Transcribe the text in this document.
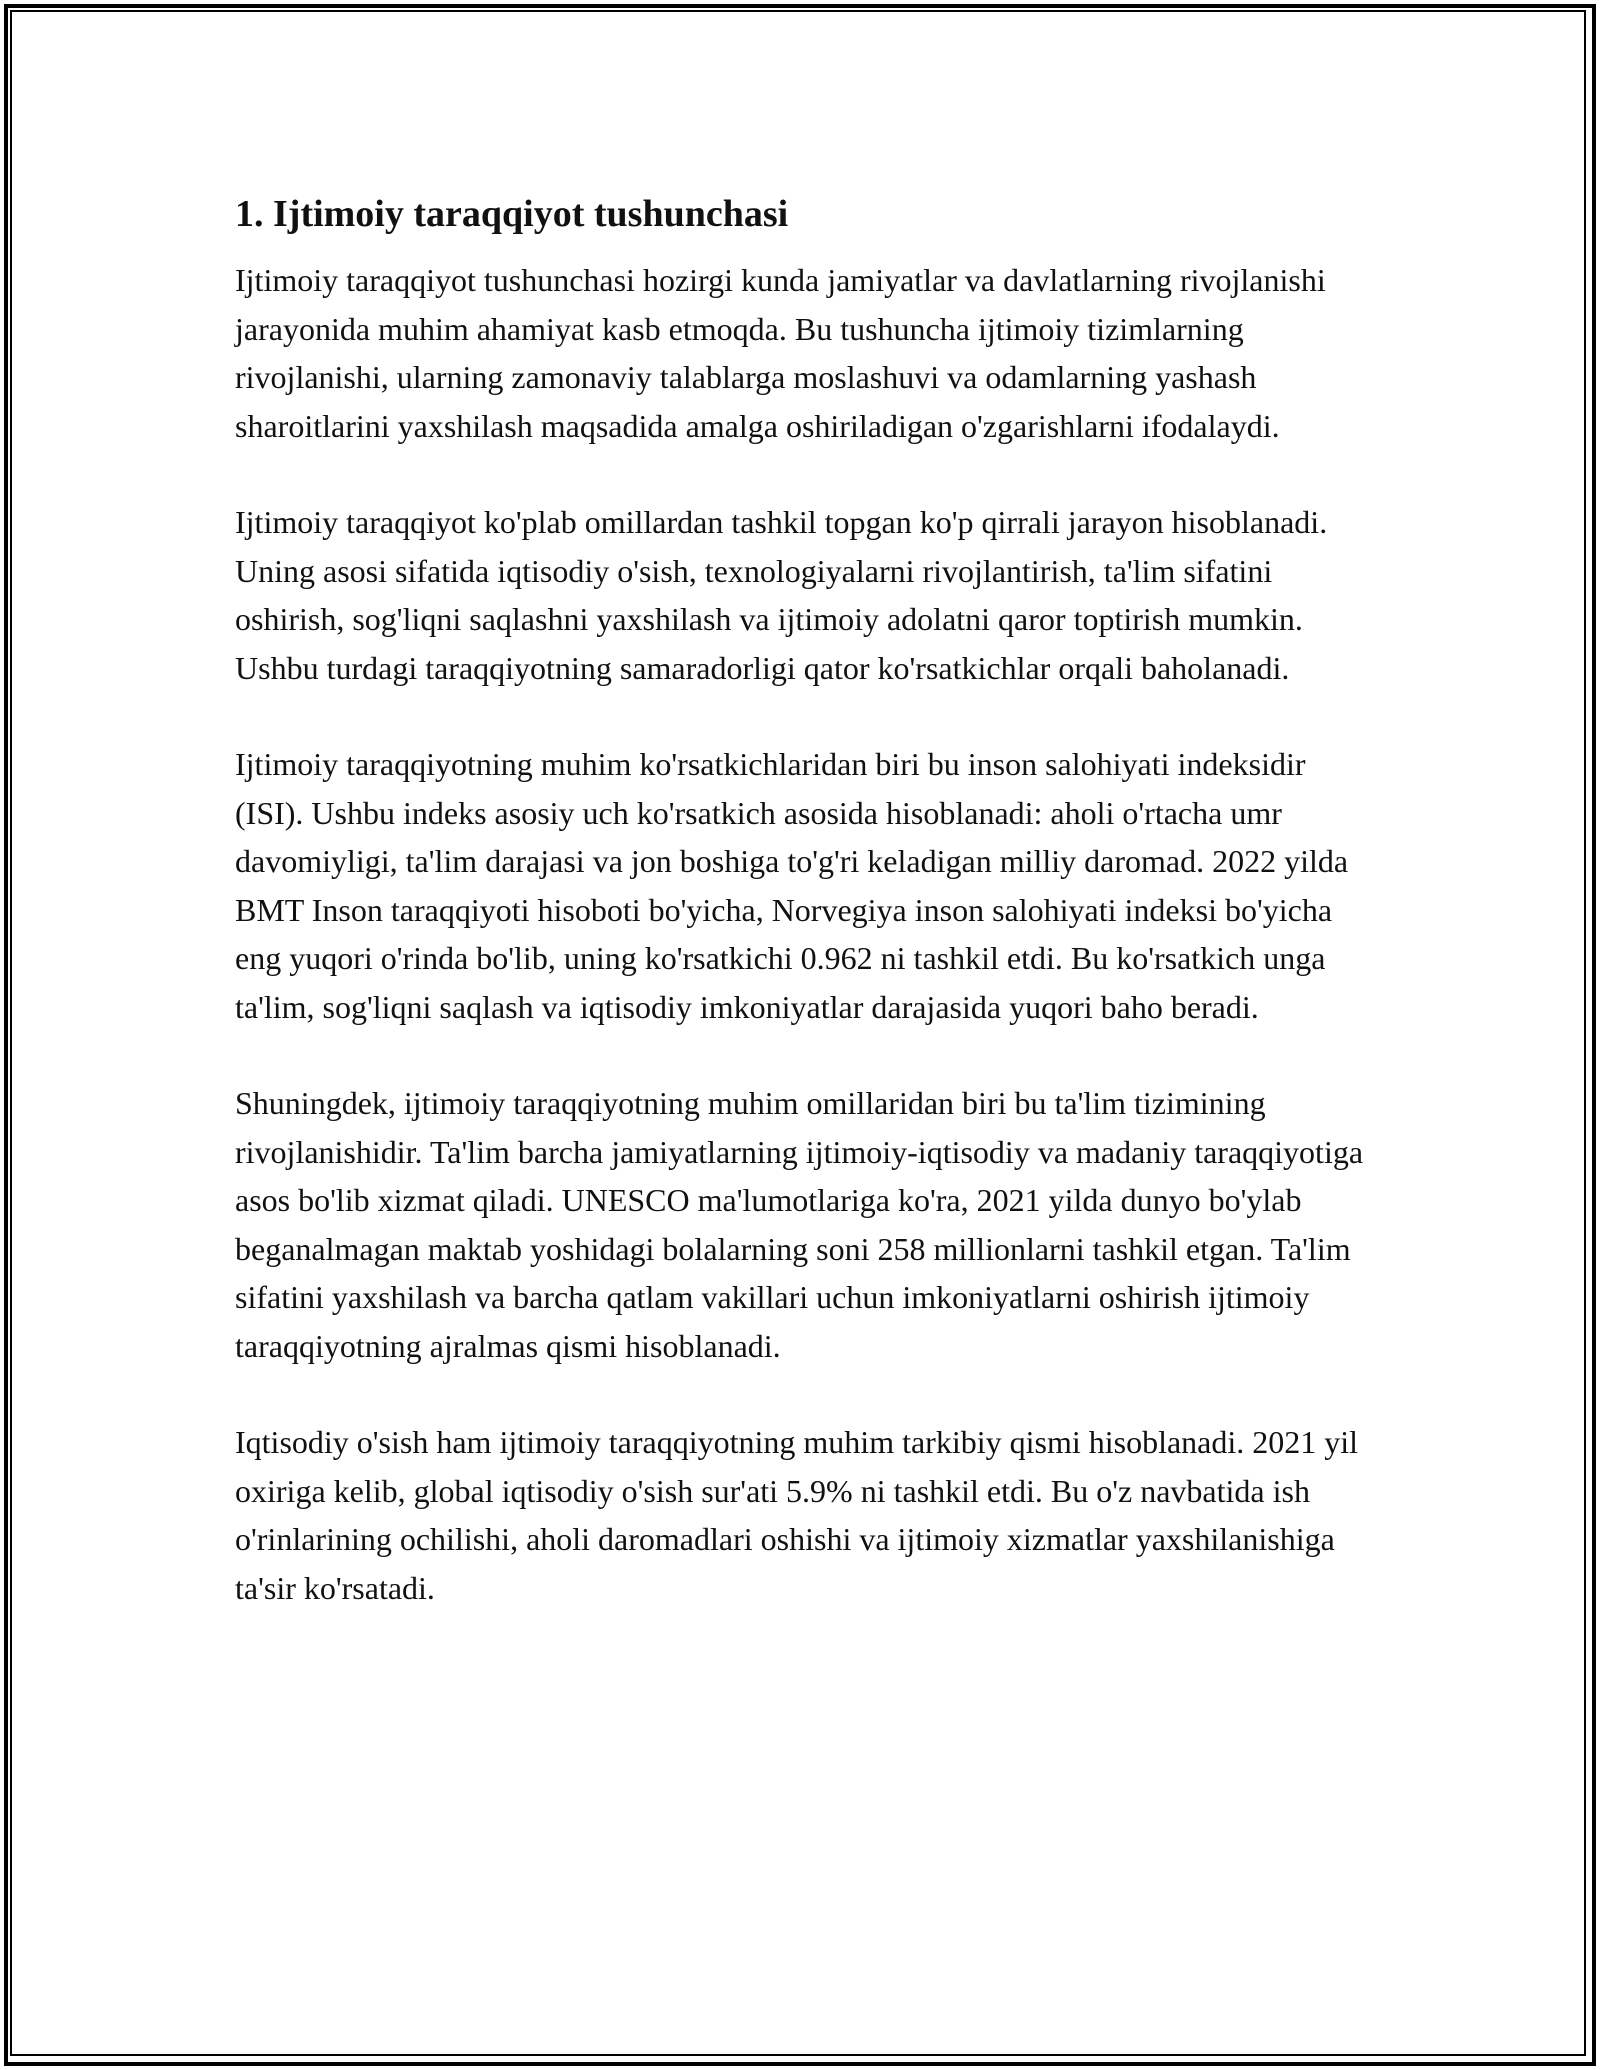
1. Ijtimoiy taraqqiyot tushunchasi

Ijtimoiy taraqqiyot tushunchasi hozirgi kunda jamiyatlar va davlatlarning rivojlanishi jarayonida muhim ahamiyat kasb etmoqda. Bu tushuncha ijtimoiy tizimlarning rivojlanishi, ularning zamonaviy talablarga moslashuvi va odamlarning yashash sharoitlarini yaxshilash maqsadida amalga oshiriladigan o'zgarishlarni ifodalaydi.

Ijtimoiy taraqqiyot ko'plab omillardan tashkil topgan ko'p qirrali jarayon hisoblanadi. Uning asosi sifatida iqtisodiy o'sish, texnologiyalarni rivojlantirish, ta'lim sifatini oshirish, sog'liqni saqlashni yaxshilash va ijtimoiy adolatni qaror toptirish mumkin. Ushbu turdagi taraqqiyotning samaradorligi qator ko'rsatkichlar orqali baholanadi.

Ijtimoiy taraqqiyotning muhim ko'rsatkichlaridan biri bu inson salohiyati indeksidir (ISI). Ushbu indeks asosiy uch ko'rsatkich asosida hisoblanadi: aholi o'rtacha umr davomiyligi, ta'lim darajasi va jon boshiga to'g'ri keladigan milliy daromad. 2022 yilda BMT Inson taraqqiyoti hisoboti bo'yicha, Norvegiya inson salohiyati indeksi bo'yicha eng yuqori o'rinda bo'lib, uning ko'rsatkichi 0.962 ni tashkil etdi. Bu ko'rsatkich unga ta'lim, sog'liqni saqlash va iqtisodiy imkoniyatlar darajasida yuqori baho beradi.

Shuningdek, ijtimoiy taraqqiyotning muhim omillaridan biri bu ta'lim tizimining rivojlanishidir. Ta'lim barcha jamiyatlarning ijtimoiy-iqtisodiy va madaniy taraqqiyotiga asos bo'lib xizmat qiladi. UNESCO ma'lumotlariga ko'ra, 2021 yilda dunyo bo'ylab beganalmagan maktab yoshidagi bolalarning soni 258 millionlarni tashkil etgan. Ta'lim sifatini yaxshilash va barcha qatlam vakillari uchun imkoniyatlarni oshirish ijtimoiy taraqqiyotning ajralmas qismi hisoblanadi.

Iqtisodiy o'sish ham ijtimoiy taraqqiyotning muhim tarkibiy qismi hisoblanadi. 2021 yil oxiriga kelib, global iqtisodiy o'sish sur'ati 5.9% ni tashkil etdi. Bu o'z navbatida ish o'rinlarining ochilishi, aholi daromadlari oshishi va ijtimoiy xizmatlar yaxshilanishiga ta'sir ko'rsatadi.
